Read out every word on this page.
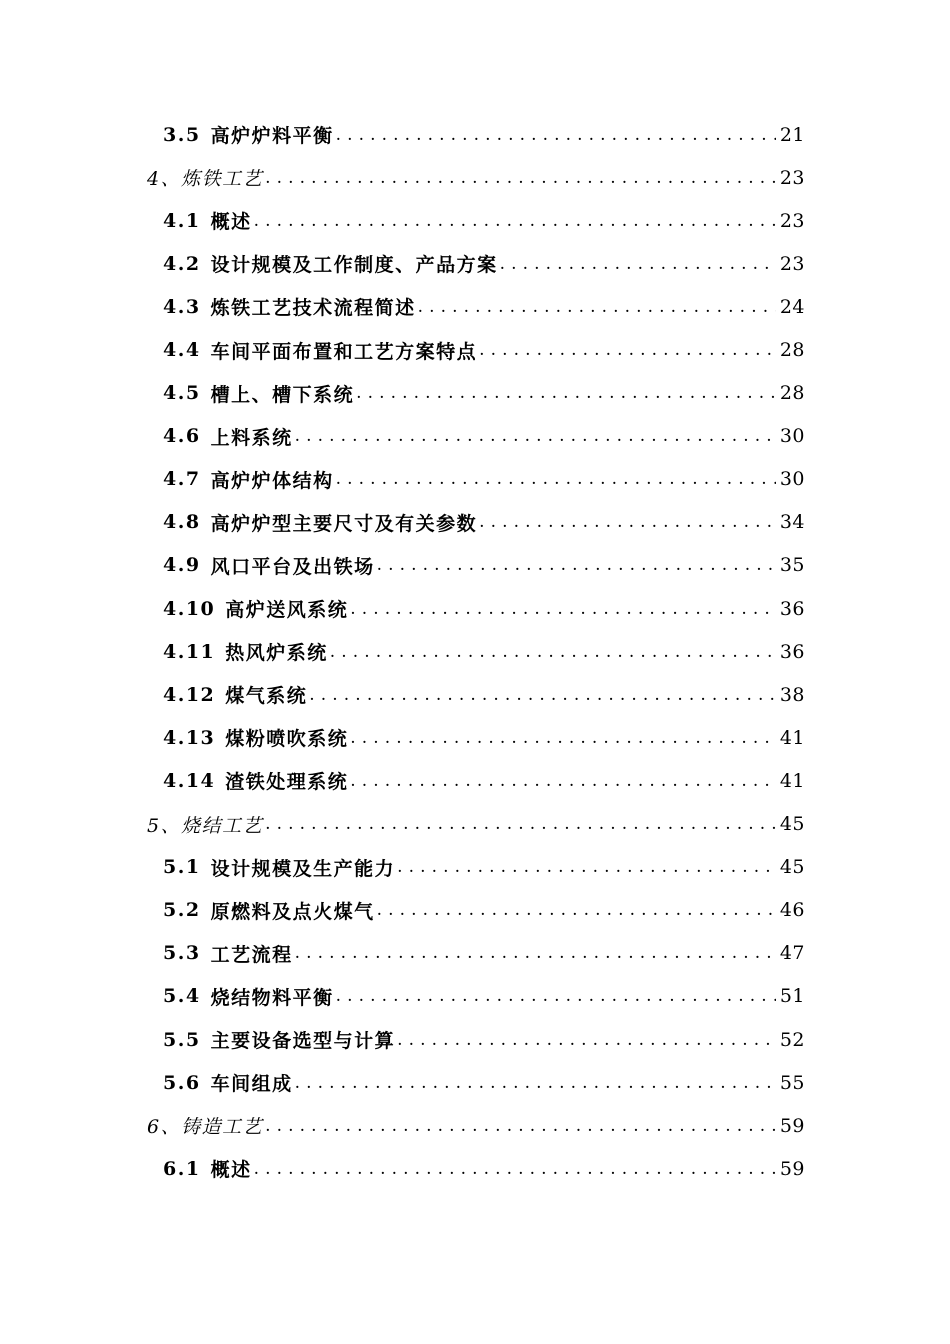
3.5 高炉炉料平衡 .....	21
4、 炼铁工艺 .....	23
4.1 概述 .....	23
4.2 设计规模及工作制度、产品方案 .....	23
4.3 炼铁工艺技术流程简述 .....	24
4.4 车间平面布置和工艺方案特点 .....	28
4.5 槽上、槽下系统 .....	28
4.6 上料系统 .....	30
4.7 高炉炉体结构 .....	30
4.8 高炉炉型主要尺寸及有关参数 .....	34
4.9 风口平台及出铁场 .....	35
4.10 高炉送风系统 .....	36
4.11 热风炉系统 .....	36
4.12 煤气系统 .....	38
4.13 煤粉喷吹系统 .....	41
4.14 渣铁处理系统 .....	41
5、 烧结工艺 .....	45
5.1 设计规模及生产能力 .....	45
5.2 原燃料及点火煤气 .....	46
5.3 工艺流程 .....	47
5.4 烧结物料平衡 .....	51
5.5 主要设备选型与计算 .....	52
5.6 车间组成 .....	55
6、 铸造工艺 .....	59
6.1 概述 .....	59
